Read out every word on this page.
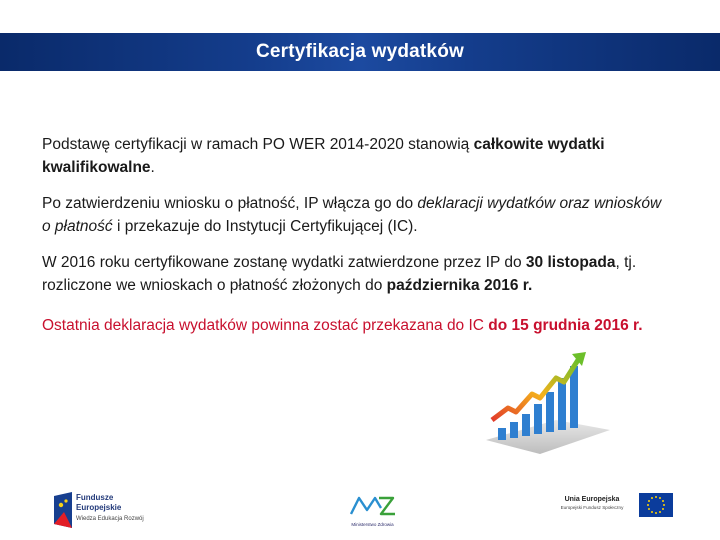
Certyfikacja wydatków

Podstawę certyfikacji w ramach PO WER 2014-2020 stanowią całkowite wydatki kwalifikowalne.

Po zatwierdzeniu wniosku o płatność, IP włącza go do deklaracji wydatków oraz wniosków o płatność i przekazuje do Instytucji Certyfikującej (IC).

W 2016 roku certyfikowane zostanę wydatki zatwierdzone przez IP do 30 listopada, tj. rozliczone we wnioskach o płatność złożonych do października 2016 r.

Ostatnia deklaracja wydatków powinna zostać przekazana do IC do 15 grudnia 2016 r.

Fundusze
Europejskie
Wiedza Edukacja Rozwój
Ministerstwo Zdrowia
Unia Europejska
Europejski Fundusz Społeczny
